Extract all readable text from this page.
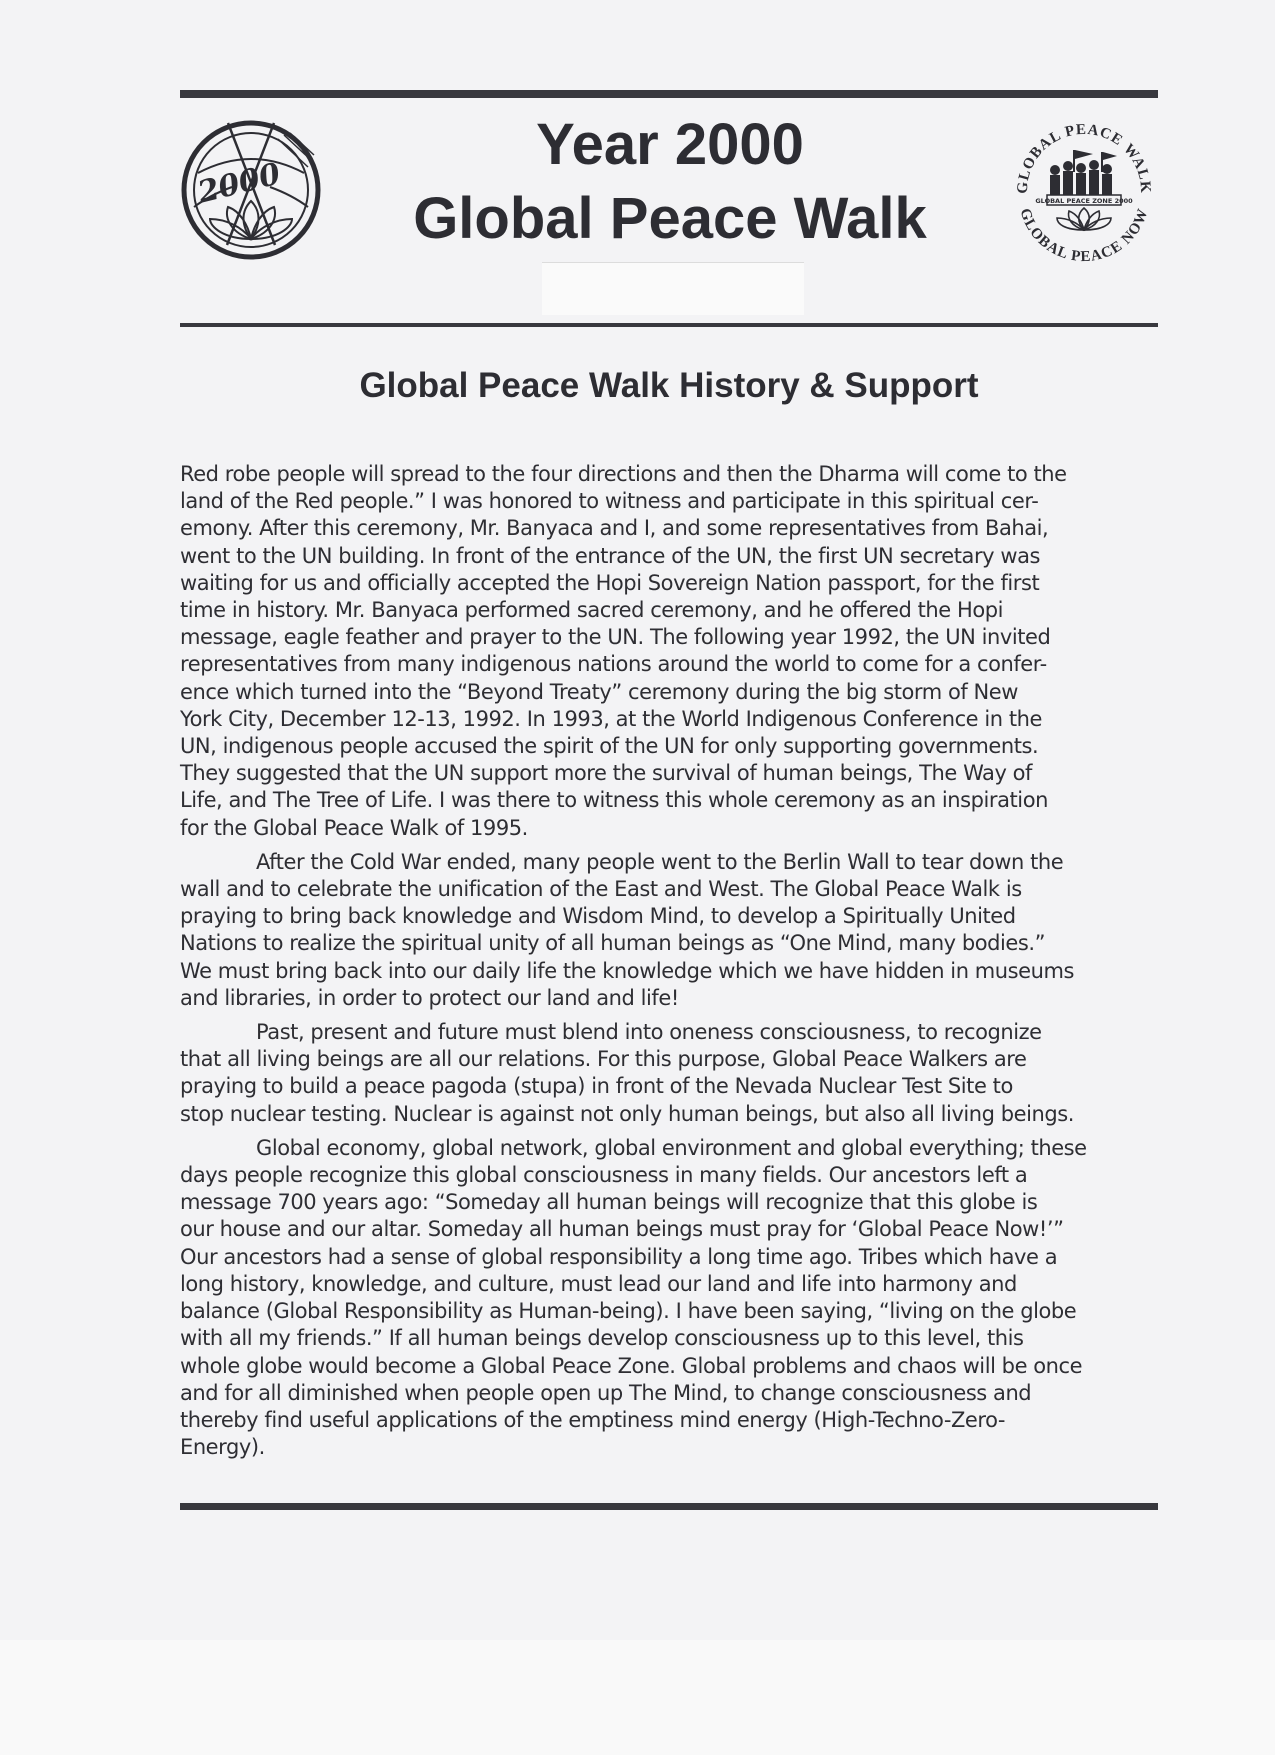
2000
Year 2000
Global Peace Walk	GLOBAL PEACE WALK
GLOBAL PEACE NOW
GLOBAL PEACE ZONE 2000
Global Peace Walk History & Support
Red robe people will spread to the four directions and then the Dharma will come to the
land of the Red people.” I was honored to witness and participate in this spiritual cer-
emony. After this ceremony, Mr. Banyaca and I, and some representatives from Bahai,
went to the UN building. In front of the entrance of the UN, the first UN secretary was
waiting for us and officially accepted the Hopi Sovereign Nation passport, for the first
time in history. Mr. Banyaca performed sacred ceremony, and he offered the Hopi
message, eagle feather and prayer to the UN. The following year 1992, the UN invited
representatives from many indigenous nations around the world to come for a confer-
ence which turned into the “Beyond Treaty” ceremony during the big storm of New
York City, December 12-13, 1992. In 1993, at the World Indigenous Conference in the
UN, indigenous people accused the spirit of the UN for only supporting governments.
They suggested that the UN support more the survival of human beings, The Way of
Life, and The Tree of Life. I was there to witness this whole ceremony as an inspiration
for the Global Peace Walk of 1995.
After the Cold War ended, many people went to the Berlin Wall to tear down the
wall and to celebrate the unification of the East and West. The Global Peace Walk is
praying to bring back knowledge and Wisdom Mind, to develop a Spiritually United
Nations to realize the spiritual unity of all human beings as “One Mind, many bodies.”
We must bring back into our daily life the knowledge which we have hidden in museums
and libraries, in order to protect our land and life!
Past, present and future must blend into oneness consciousness, to recognize
that all living beings are all our relations. For this purpose, Global Peace Walkers are
praying to build a peace pagoda (stupa) in front of the Nevada Nuclear Test Site to
stop nuclear testing. Nuclear is against not only human beings, but also all living beings.
Global economy, global network, global environment and global everything; these
days people recognize this global consciousness in many fields. Our ancestors left a
message 700 years ago: “Someday all human beings will recognize that this globe is
our house and our altar. Someday all human beings must pray for ‘Global Peace Now!’”
Our ancestors had a sense of global responsibility a long time ago. Tribes which have a
long history, knowledge, and culture, must lead our land and life into harmony and
balance (Global Responsibility as Human-being). I have been saying, “living on the globe
with all my friends.” If all human beings develop consciousness up to this level, this
whole globe would become a Global Peace Zone. Global problems and chaos will be once
and for all diminished when people open up The Mind, to change consciousness and
thereby find useful applications of the emptiness mind energy (High-Techno-Zero-
Energy).
